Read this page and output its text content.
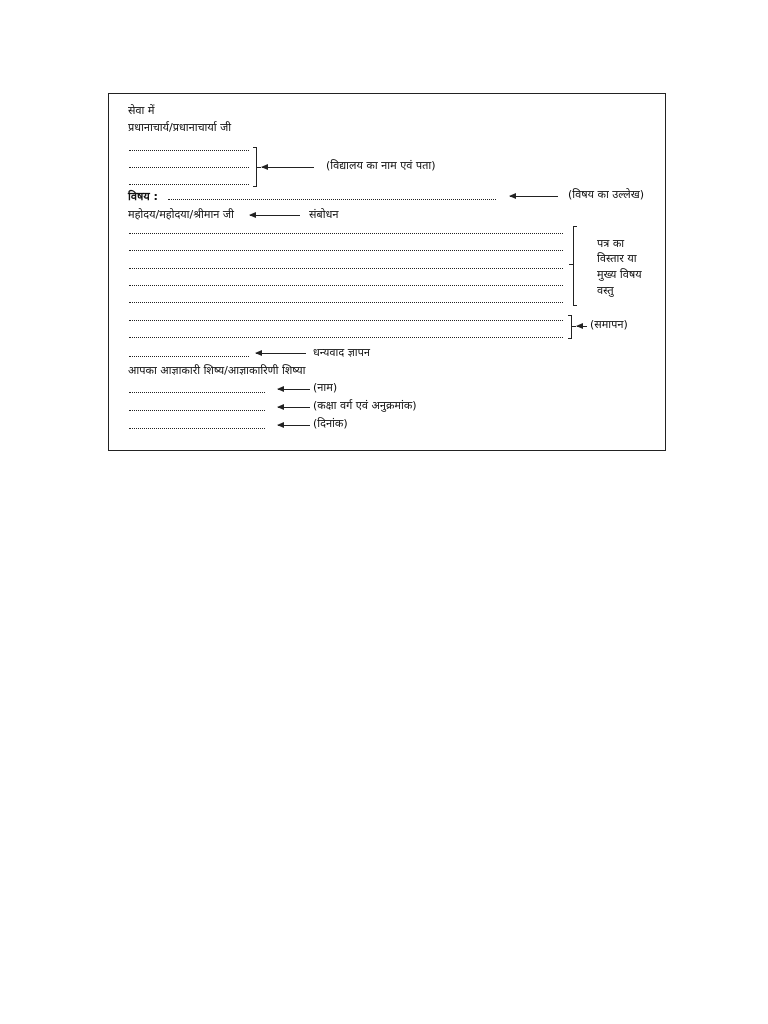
सेवा में
प्रधानाचार्य/प्रधानाचार्या जी
(विद्यालय का नाम एवं पता)
विषय :	(विषय का उल्लेख)
महोदय/महोदया/श्रीमान जी	संबोधन
पत्र का
विस्तार या
मुख्य विषय
वस्तु
(समापन)
धन्यवाद ज्ञापन
आपका आज्ञाकारी शिष्य/आज्ञाकारिणी शिष्या
(नाम)
(कक्षा वर्ग एवं अनुक्रमांक)
(दिनांक)
